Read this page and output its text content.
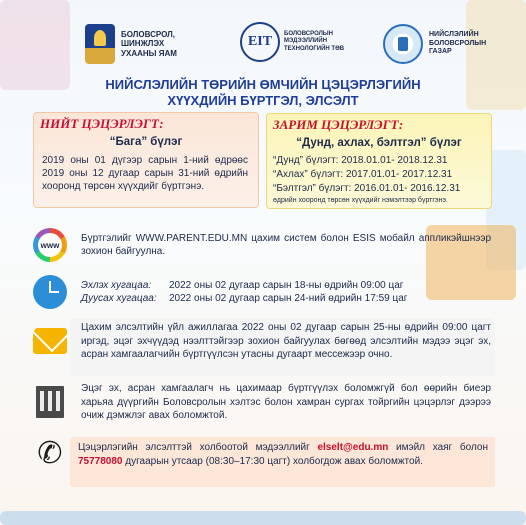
БОЛОВСРОЛ, ШИНЖЛЭХ УХААНЫ ЯАМ
EIT	БОЛОВСРОЛЫН МЭДЭЭЛЛИЙН ТЕХНОЛОГИЙН ТӨВ
НИЙСЛЭЛИЙН БОЛОВСРОЛЫН ГАЗАР
НИЙСЛЭЛИЙН ТӨРИЙН ӨМЧИЙН ЦЭЦЭРЛЭГИЙН
ХҮҮХДИЙН БҮРТГЭЛ, ЭЛСЭЛТ
НИЙТ ЦЭЦЭРЛЭГТ:
“Бага” бүлэг
2019 оны 01 дүгээр сарын 1-ний өдрөөс 2019 оны 12 дугаар сарын 31-ний өдрийн хооронд төрсөн хүүхдийг бүртгэнэ.
ЗАРИМ ЦЭЦЭРЛЭГТ:
“Дунд, ахлах, бэлтгэл” бүлэг
“Дунд” бүлэгт: 2018.01.01- 2018.12.31
“Ахлах” бүлэгт: 2017.01.01- 2017.12.31
“Бэлтгэл” бүлэгт: 2016.01.01- 2016.12.31
өдрийн хооронд төрсөн хүүхдийг нэмэлтээр бүртгэнэ.
www
Бүртгэлийг WWW.PARENT.EDU.MN цахим систем болон ESIS мобайл аппликэйшнээр зохион байгуулна.
Эхлэх хугацаа: 2022 оны 02 дугаар сарын 18-ны өдрийн 09:00 цаг
Дуусах хугацаа: 2022 оны 02 дугаар сарын 24-ний өдрийн 17:59 цаг
Цахим элсэлтийн үйл ажиллагаа 2022 оны 02 дугаар сарын 25-ны өдрийн 09:00 цагт иргэд, эцэг эхчүүдэд нээлттэйгээр зохион байгуулах бөгөөд элсэлтийн мэдээ эцэг эх, асран хамгаалагчийн бүртгүүлсэн утасны дугаарт мессежээр очно.
Эцэг эх, асран хамгаалагч нь цахимаар бүртгүүлэх боломжгүй бол өөрийн биеэр харьяа дүүргийн Боловсролын хэлтэс болон хамран сургах тойргийн цэцэрлэг дээрээ очиж дэмжлэг авах боломжтой.
✆	Цэцэрлэгийн элсэлттэй холбоотой мэдээллийг elselt@edu.mn имэйл хаяг болон 75778080 дугаарын утсаар (08:30–17:30 цагт) холбогдож авах боломжтой.
